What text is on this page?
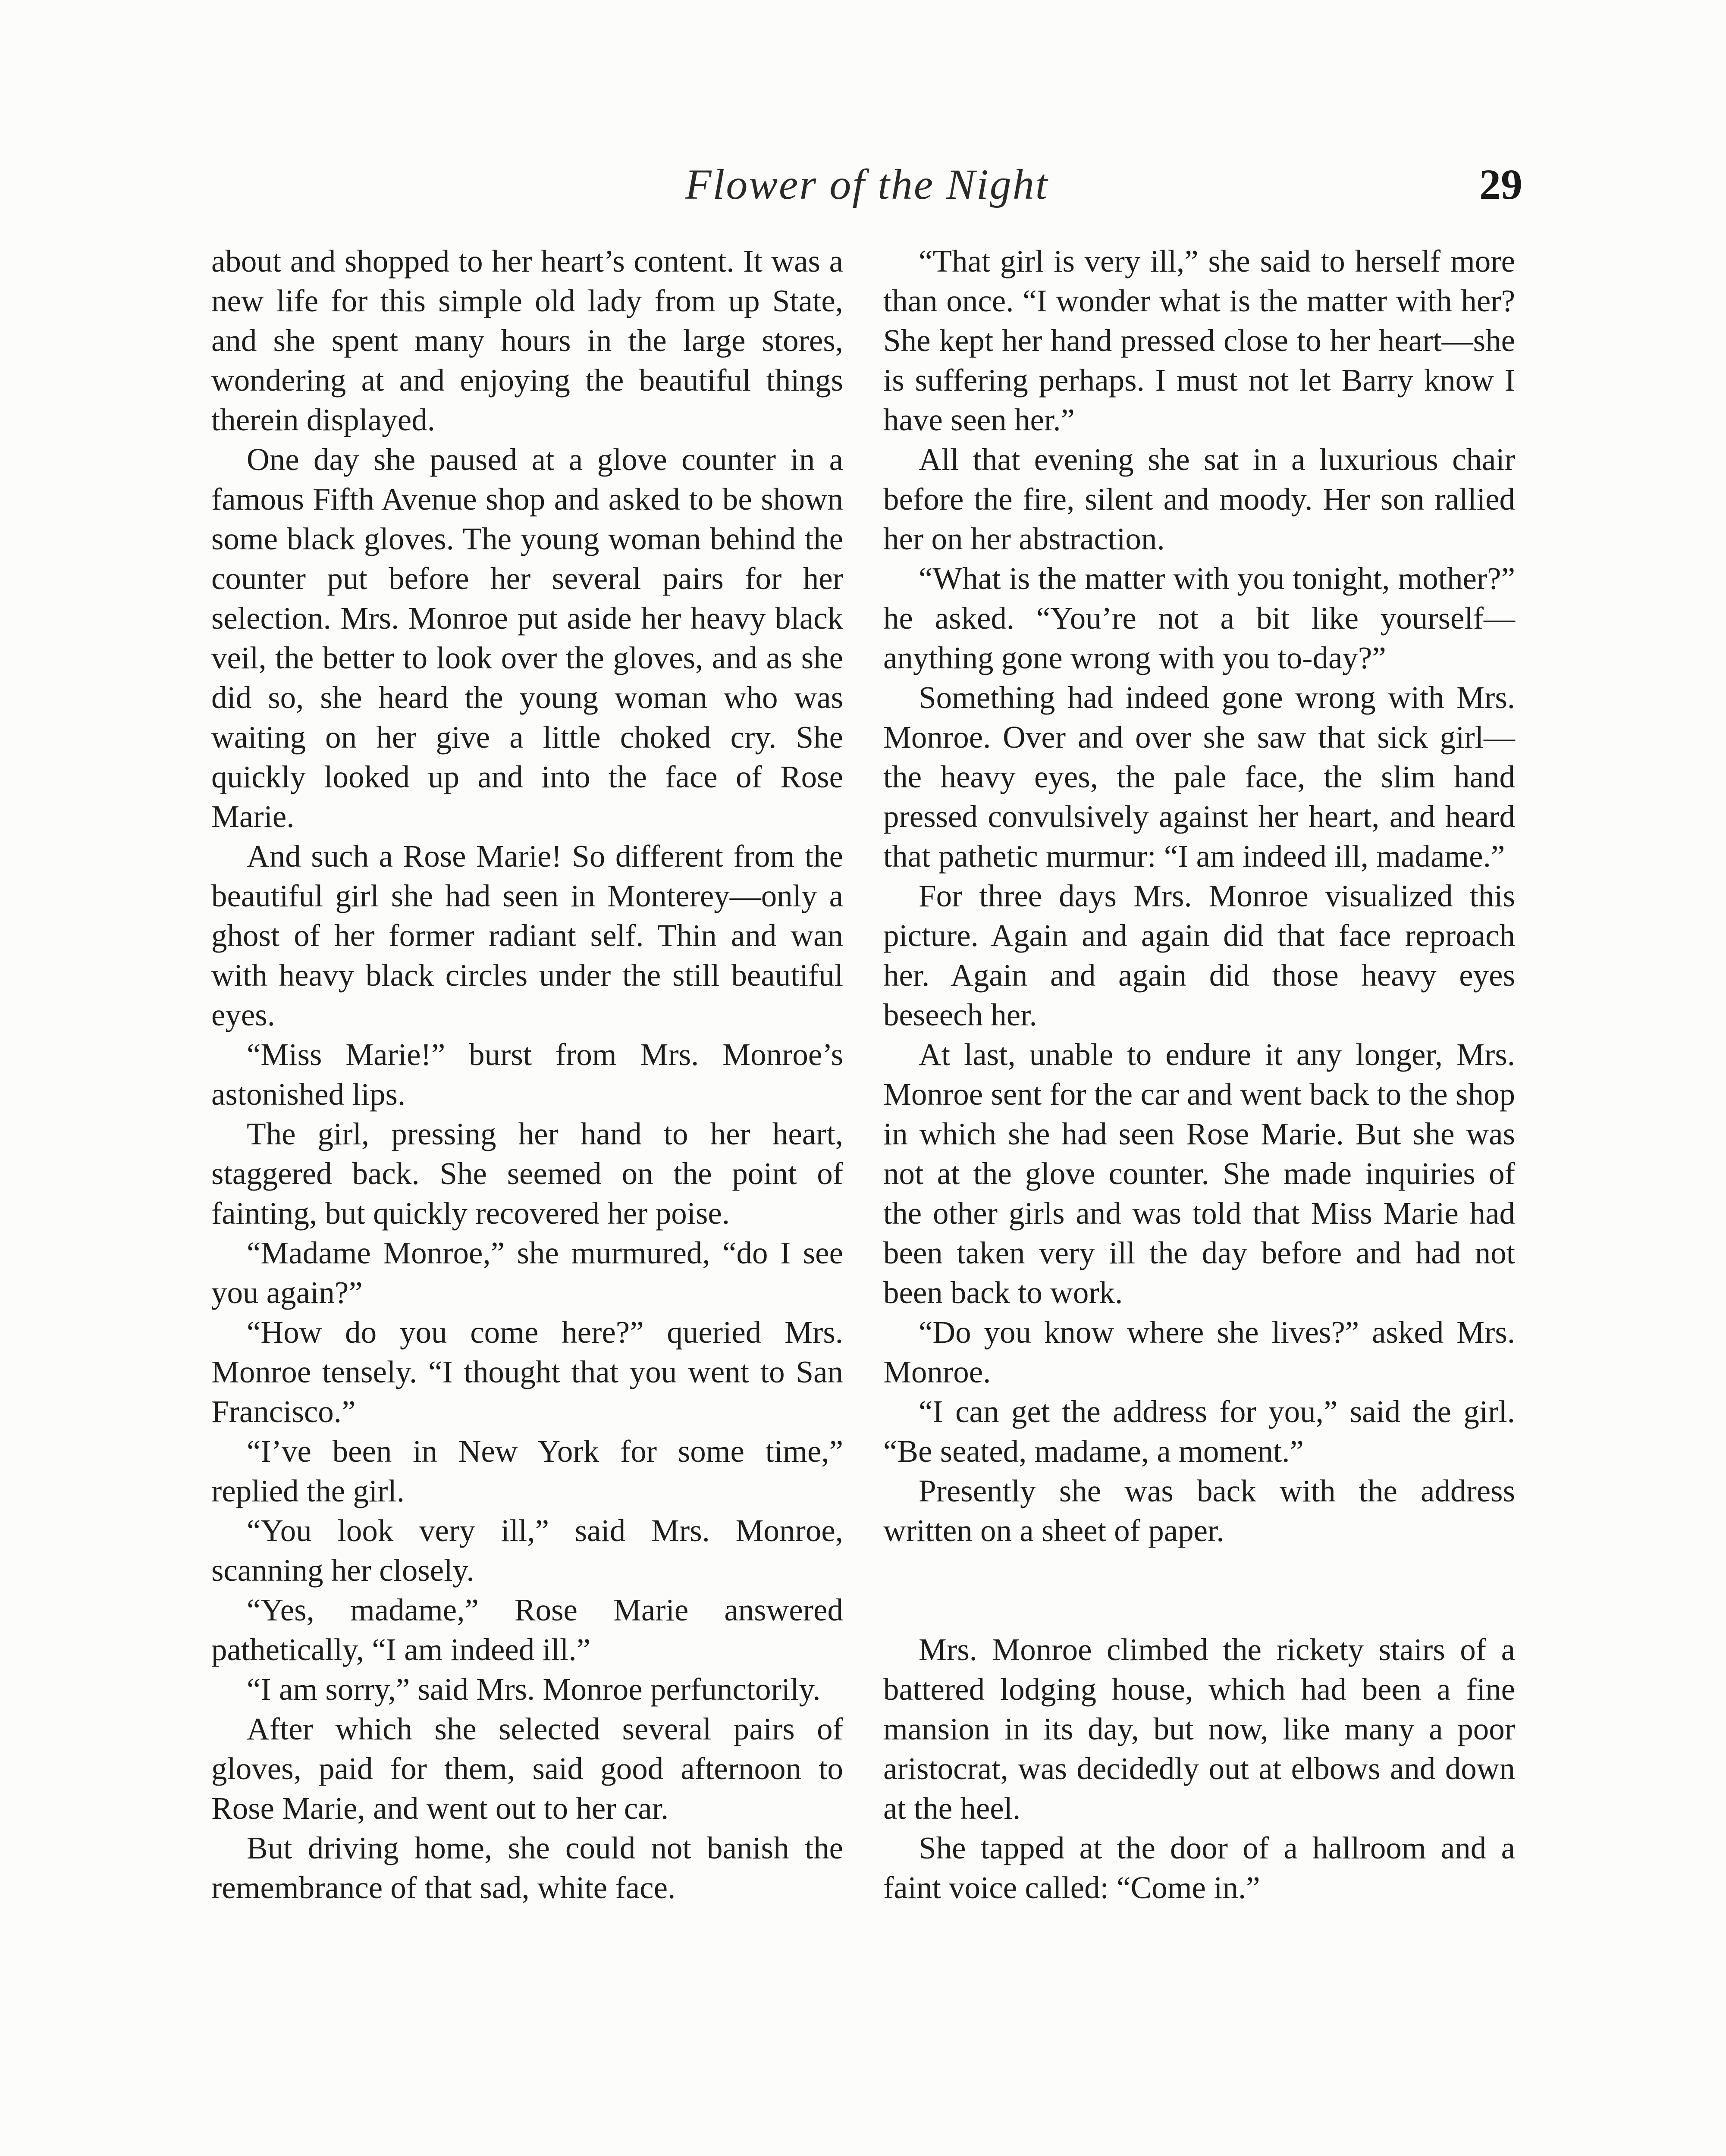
Flower of the Night	29

about and shopped to her heart’s content. It was a new life for this simple old lady from up State, and she spent many hours in the large stores, wondering at and enjoying the beautiful things therein displayed.

One day she paused at a glove counter in a famous Fifth Avenue shop and asked to be shown some black gloves. The young woman behind the counter put before her several pairs for her selection. Mrs. Monroe put aside her heavy black veil, the better to look over the gloves, and as she did so, she heard the young woman who was waiting on her give a little choked cry. She quickly looked up and into the face of Rose Marie.

And such a Rose Marie! So different from the beautiful girl she had seen in Monterey—only a ghost of her former radiant self. Thin and wan with heavy black circles under the still beautiful eyes.

“Miss Marie!” burst from Mrs. Monroe’s astonished lips.

The girl, pressing her hand to her heart, staggered back. She seemed on the point of fainting, but quickly recovered her poise.

“Madame Monroe,” she murmured, “do I see you again?”

“How do you come here?” queried Mrs. Monroe tensely. “I thought that you went to San Francisco.”

“I’ve been in New York for some time,” replied the girl.

“You look very ill,” said Mrs. Monroe, scanning her closely.

“Yes, madame,” Rose Marie answered pathetically, “I am indeed ill.”

“I am sorry,” said Mrs. Monroe perfunctorily.

After which she selected several pairs of gloves, paid for them, said good afternoon to Rose Marie, and went out to her car.

But driving home, she could not banish the remembrance of that sad, white face.

“That girl is very ill,” she said to herself more than once. “I wonder what is the matter with her? She kept her hand pressed close to her heart—she is suffering perhaps. I must not let Barry know I have seen her.”

All that evening she sat in a luxurious chair before the fire, silent and moody. Her son rallied her on her abstraction.

“What is the matter with you tonight, mother?” he asked. “You’re not a bit like yourself—anything gone wrong with you to-day?”

Something had indeed gone wrong with Mrs. Monroe. Over and over she saw that sick girl—the heavy eyes, the pale face, the slim hand pressed convulsively against her heart, and heard that pathetic murmur: “I am indeed ill, madame.”

For three days Mrs. Monroe visualized this picture. Again and again did that face reproach her. Again and again did those heavy eyes beseech her.

At last, unable to endure it any longer, Mrs. Monroe sent for the car and went back to the shop in which she had seen Rose Marie. But she was not at the glove counter. She made inquiries of the other girls and was told that Miss Marie had been taken very ill the day before and had not been back to work.

“Do you know where she lives?” asked Mrs. Monroe.

“I can get the address for you,” said the girl. “Be seated, madame, a moment.”

Presently she was back with the address written on a sheet of paper.

Mrs. Monroe climbed the rickety stairs of a battered lodging house, which had been a fine mansion in its day, but now, like many a poor aristocrat, was decidedly out at elbows and down at the heel.

She tapped at the door of a hallroom and a faint voice called: “Come in.”
